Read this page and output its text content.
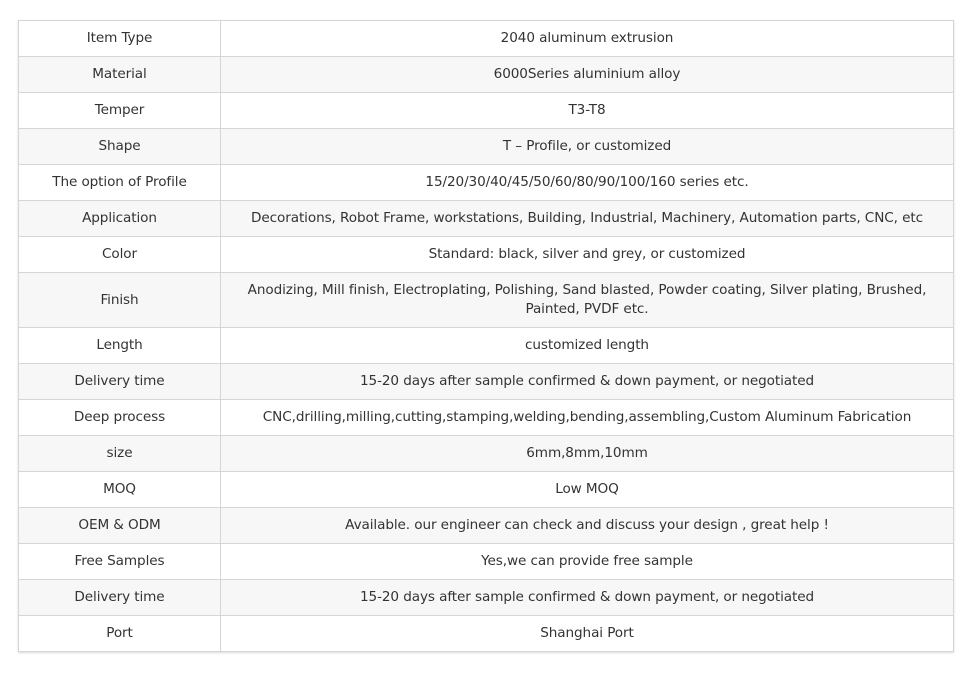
Item Type	2040 aluminum extrusion
Material	6000Series aluminium alloy
Temper	T3-T8
Shape	T – Profile, or customized
The option of Profile	15/20/30/40/45/50/60/80/90/100/160 series etc.
Application	Decorations, Robot Frame, workstations, Building, Industrial, Machinery, Automation parts, CNC, etc
Color	Standard: black, silver and grey, or customized
Finish	Anodizing, Mill finish, Electroplating, Polishing, Sand blasted, Powder coating, Silver plating, Brushed, Painted, PVDF etc.
Length	customized length
Delivery time	15-20 days after sample confirmed & down payment, or negotiated
Deep process	CNC,drilling,milling,cutting,stamping,welding,bending,assembling,Custom Aluminum Fabrication
size	6mm,8mm,10mm
MOQ	Low MOQ
OEM & ODM	Available. our engineer can check and discuss your design , great help !
Free Samples	Yes,we can provide free sample
Delivery time	15-20 days after sample confirmed & down payment, or negotiated
Port	Shanghai Port
